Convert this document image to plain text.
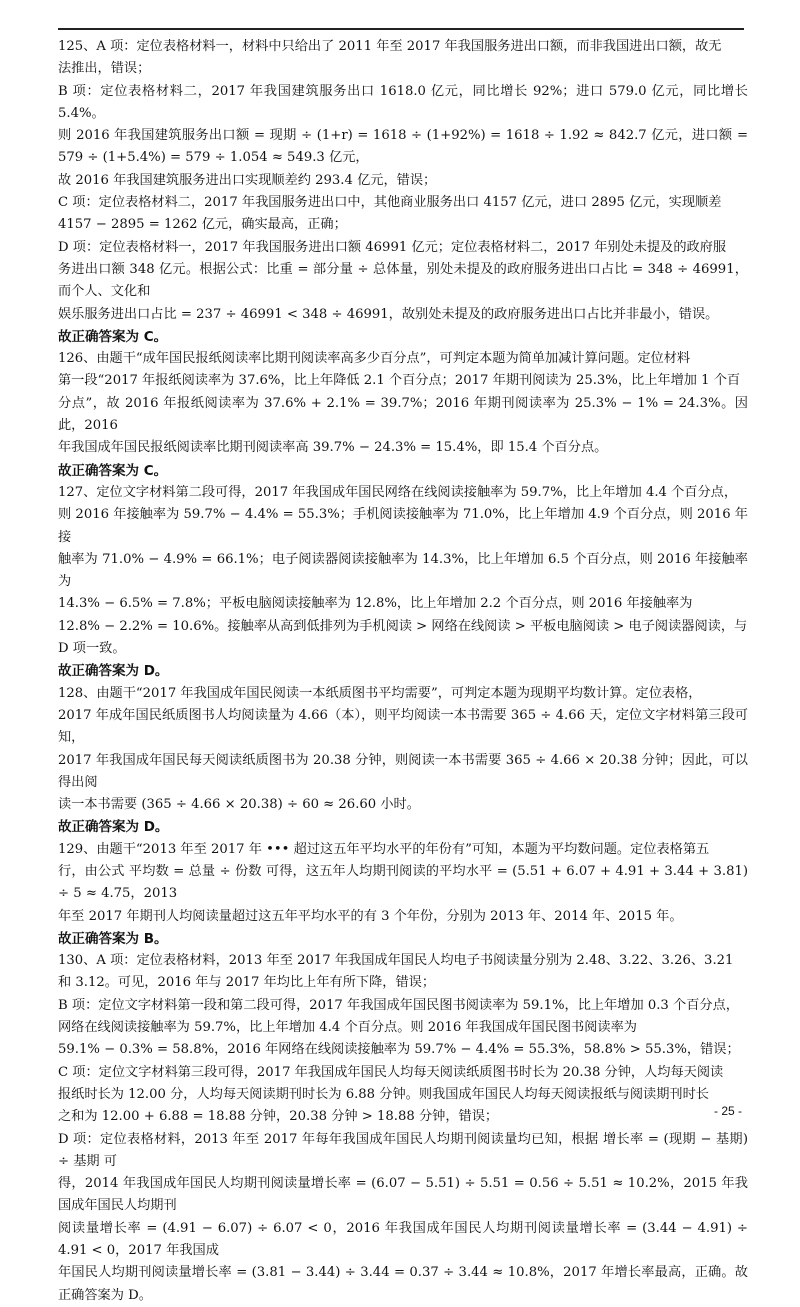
125、A 项：定位表格材料一，材料中只给出了 2011 年至 2017 年我国服务进出口额，而非我国进出口额，故无

法推出，错误；

B 项：定位表格材料二，2017 年我国建筑服务出口 1618.0 亿元，同比增长 92%；进口 579.0 亿元，同比增长 5.4%。

则 2016 年我国建筑服务出口额 = 现期 ÷ (1+r) = 1618 ÷ (1+92%) = 1618 ÷ 1.92 ≈ 842.7 亿元，进口额 = 579 ÷ (1+5.4%) = 579 ÷ 1.054 ≈ 549.3 亿元，

故 2016 年我国建筑服务进出口实现顺差约 293.4 亿元，错误；

C 项：定位表格材料二，2017 年我国服务进出口中，其他商业服务出口 4157 亿元，进口 2895 亿元，实现顺差

4157 − 2895 = 1262 亿元，确实最高，正确；

D 项：定位表格材料一，2017 年我国服务进出口额 46991 亿元；定位表格材料二，2017 年别处未提及的政府服

务进出口额 348 亿元。根据公式：比重 = 部分量 ÷ 总体量，别处未提及的政府服务进出口占比 = 348 ÷ 46991，而个人、文化和

娱乐服务进出口占比 = 237 ÷ 46991 < 348 ÷ 46991，故别处未提及的政府服务进出口占比并非最小，错误。

故正确答案为 C。

126、由题干“成年国民报纸阅读率比期刊阅读率高多少百分点”，可判定本题为简单加减计算问题。定位材料

第一段“2017 年报纸阅读率为 37.6%，比上年降低 2.1 个百分点；2017 年期刊阅读为 25.3%，比上年增加 1 个百

分点”，故 2016 年报纸阅读率为 37.6% + 2.1% = 39.7%；2016 年期刊阅读率为 25.3% − 1% = 24.3%。因此，2016

年我国成年国民报纸阅读率比期刊阅读率高 39.7% − 24.3% = 15.4%，即 15.4 个百分点。

故正确答案为 C。

127、定位文字材料第二段可得，2017 年我国成年国民网络在线阅读接触率为 59.7%，比上年增加 4.4 个百分点，

则 2016 年接触率为 59.7% − 4.4% = 55.3%；手机阅读接触率为 71.0%，比上年增加 4.9 个百分点，则 2016 年接

触率为 71.0% − 4.9% = 66.1%；电子阅读器阅读接触率为 14.3%，比上年增加 6.5 个百分点，则 2016 年接触率为

14.3% − 6.5% = 7.8%；平板电脑阅读接触率为 12.8%，比上年增加 2.2 个百分点，则 2016 年接触率为

12.8% − 2.2% = 10.6%。接触率从高到低排列为手机阅读 > 网络在线阅读 > 平板电脑阅读 > 电子阅读器阅读，与

D 项一致。

故正确答案为 D。

128、由题干“2017 年我国成年国民阅读一本纸质图书平均需要”，可判定本题为现期平均数计算。定位表格，

2017 年成年国民纸质图书人均阅读量为 4.66（本），则平均阅读一本书需要 365 ÷ 4.66 天，定位文字材料第三段可知，

2017 年我国成年国民每天阅读纸质图书为 20.38 分钟，则阅读一本书需要 365 ÷ 4.66 × 20.38 分钟；因此，可以得出阅

读一本书需要 (365 ÷ 4.66 × 20.38) ÷ 60 ≈ 26.60 小时。

故正确答案为 D。

129、由题干“2013 年至 2017 年 ••• 超过这五年平均水平的年份有”可知，本题为平均数问题。定位表格第五

行，由公式 平均数 = 总量 ÷ 份数 可得，这五年人均期刊阅读的平均水平 = (5.51 + 6.07 + 4.91 + 3.44 + 3.81) ÷ 5 ≈ 4.75，2013

年至 2017 年期刊人均阅读量超过这五年平均水平的有 3 个年份，分别为 2013 年、2014 年、2015 年。

故正确答案为 B。

130、A 项：定位表格材料，2013 年至 2017 年我国成年国民人均电子书阅读量分别为 2.48、3.22、3.26、3.21

和 3.12。可见，2016 年与 2017 年均比上年有所下降，错误；

B 项：定位文字材料第一段和第二段可得，2017 年我国成年国民图书阅读率为 59.1%，比上年增加 0.3 个百分点，

网络在线阅读接触率为 59.7%，比上年增加 4.4 个百分点。则 2016 年我国成年国民图书阅读率为

59.1% − 0.3% = 58.8%，2016 年网络在线阅读接触率为 59.7% − 4.4% = 55.3%，58.8% > 55.3%，错误；

C 项：定位文字材料第三段可得，2017 年我国成年国民人均每天阅读纸质图书时长为 20.38 分钟，人均每天阅读

报纸时长为 12.00 分，人均每天阅读期刊时长为 6.88 分钟。则我国成年国民人均每天阅读报纸与阅读期刊时长

之和为 12.00 + 6.88 = 18.88 分钟，20.38 分钟 > 18.88 分钟，错误；

D 项：定位表格材料，2013 年至 2017 年每年我国成年国民人均期刊阅读量均已知，根据 增长率 = (现期 − 基期) ÷ 基期 可

得，2014 年我国成年国民人均期刊阅读量增长率 = (6.07 − 5.51) ÷ 5.51 = 0.56 ÷ 5.51 ≈ 10.2%，2015 年我国成年国民人均期刊

阅读量增长率 = (4.91 − 6.07) ÷ 6.07 < 0，2016 年我国成年国民人均期刊阅读量增长率 = (3.44 − 4.91) ÷ 4.91 < 0，2017 年我国成

年国民人均期刊阅读量增长率 = (3.81 − 3.44) ÷ 3.44 = 0.37 ÷ 3.44 ≈ 10.8%，2017 年增长率最高，正确。故正确答案为 D。

- 25 -
